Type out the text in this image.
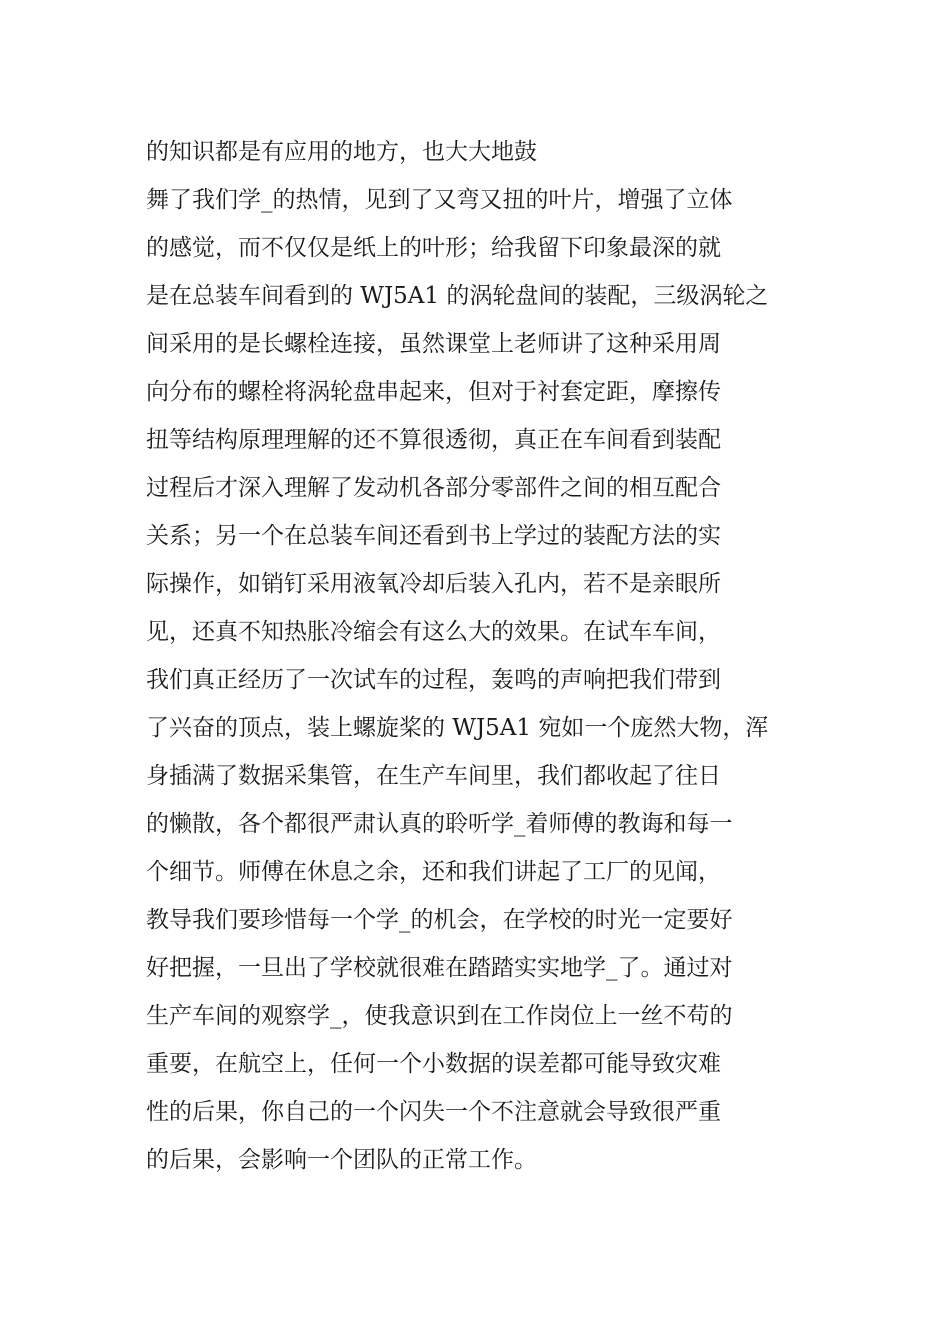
的知识都是有应用的地方，也大大地鼓
舞了我们学_的热情，见到了又弯又扭的叶片，增强了立体
的感觉，而不仅仅是纸上的叶形；给我留下印象最深的就
是在总装车间看到的 WJ5A1 的涡轮盘间的装配，三级涡轮之
间采用的是长螺栓连接，虽然课堂上老师讲了这种采用周
向分布的螺栓将涡轮盘串起来，但对于衬套定距，摩擦传
扭等结构原理理解的还不算很透彻，真正在车间看到装配
过程后才深入理解了发动机各部分零部件之间的相互配合
关系；另一个在总装车间还看到书上学过的装配方法的实
际操作，如销钉采用液氧冷却后装入孔内，若不是亲眼所
见，还真不知热胀冷缩会有这么大的效果。在试车车间，
我们真正经历了一次试车的过程，轰鸣的声响把我们带到
了兴奋的顶点，装上螺旋桨的 WJ5A1 宛如一个庞然大物，浑
身插满了数据采集管，在生产车间里，我们都收起了往日
的懒散，各个都很严肃认真的聆听学_着师傅的教诲和每一
个细节。师傅在休息之余，还和我们讲起了工厂的见闻，
教导我们要珍惜每一个学_的机会，在学校的时光一定要好
好把握，一旦出了学校就很难在踏踏实实地学_了。通过对
生产车间的观察学_，使我意识到在工作岗位上一丝不苟的
重要，在航空上，任何一个小数据的误差都可能导致灾难
性的后果，你自己的一个闪失一个不注意就会导致很严重
的后果，会影响一个团队的正常工作。
